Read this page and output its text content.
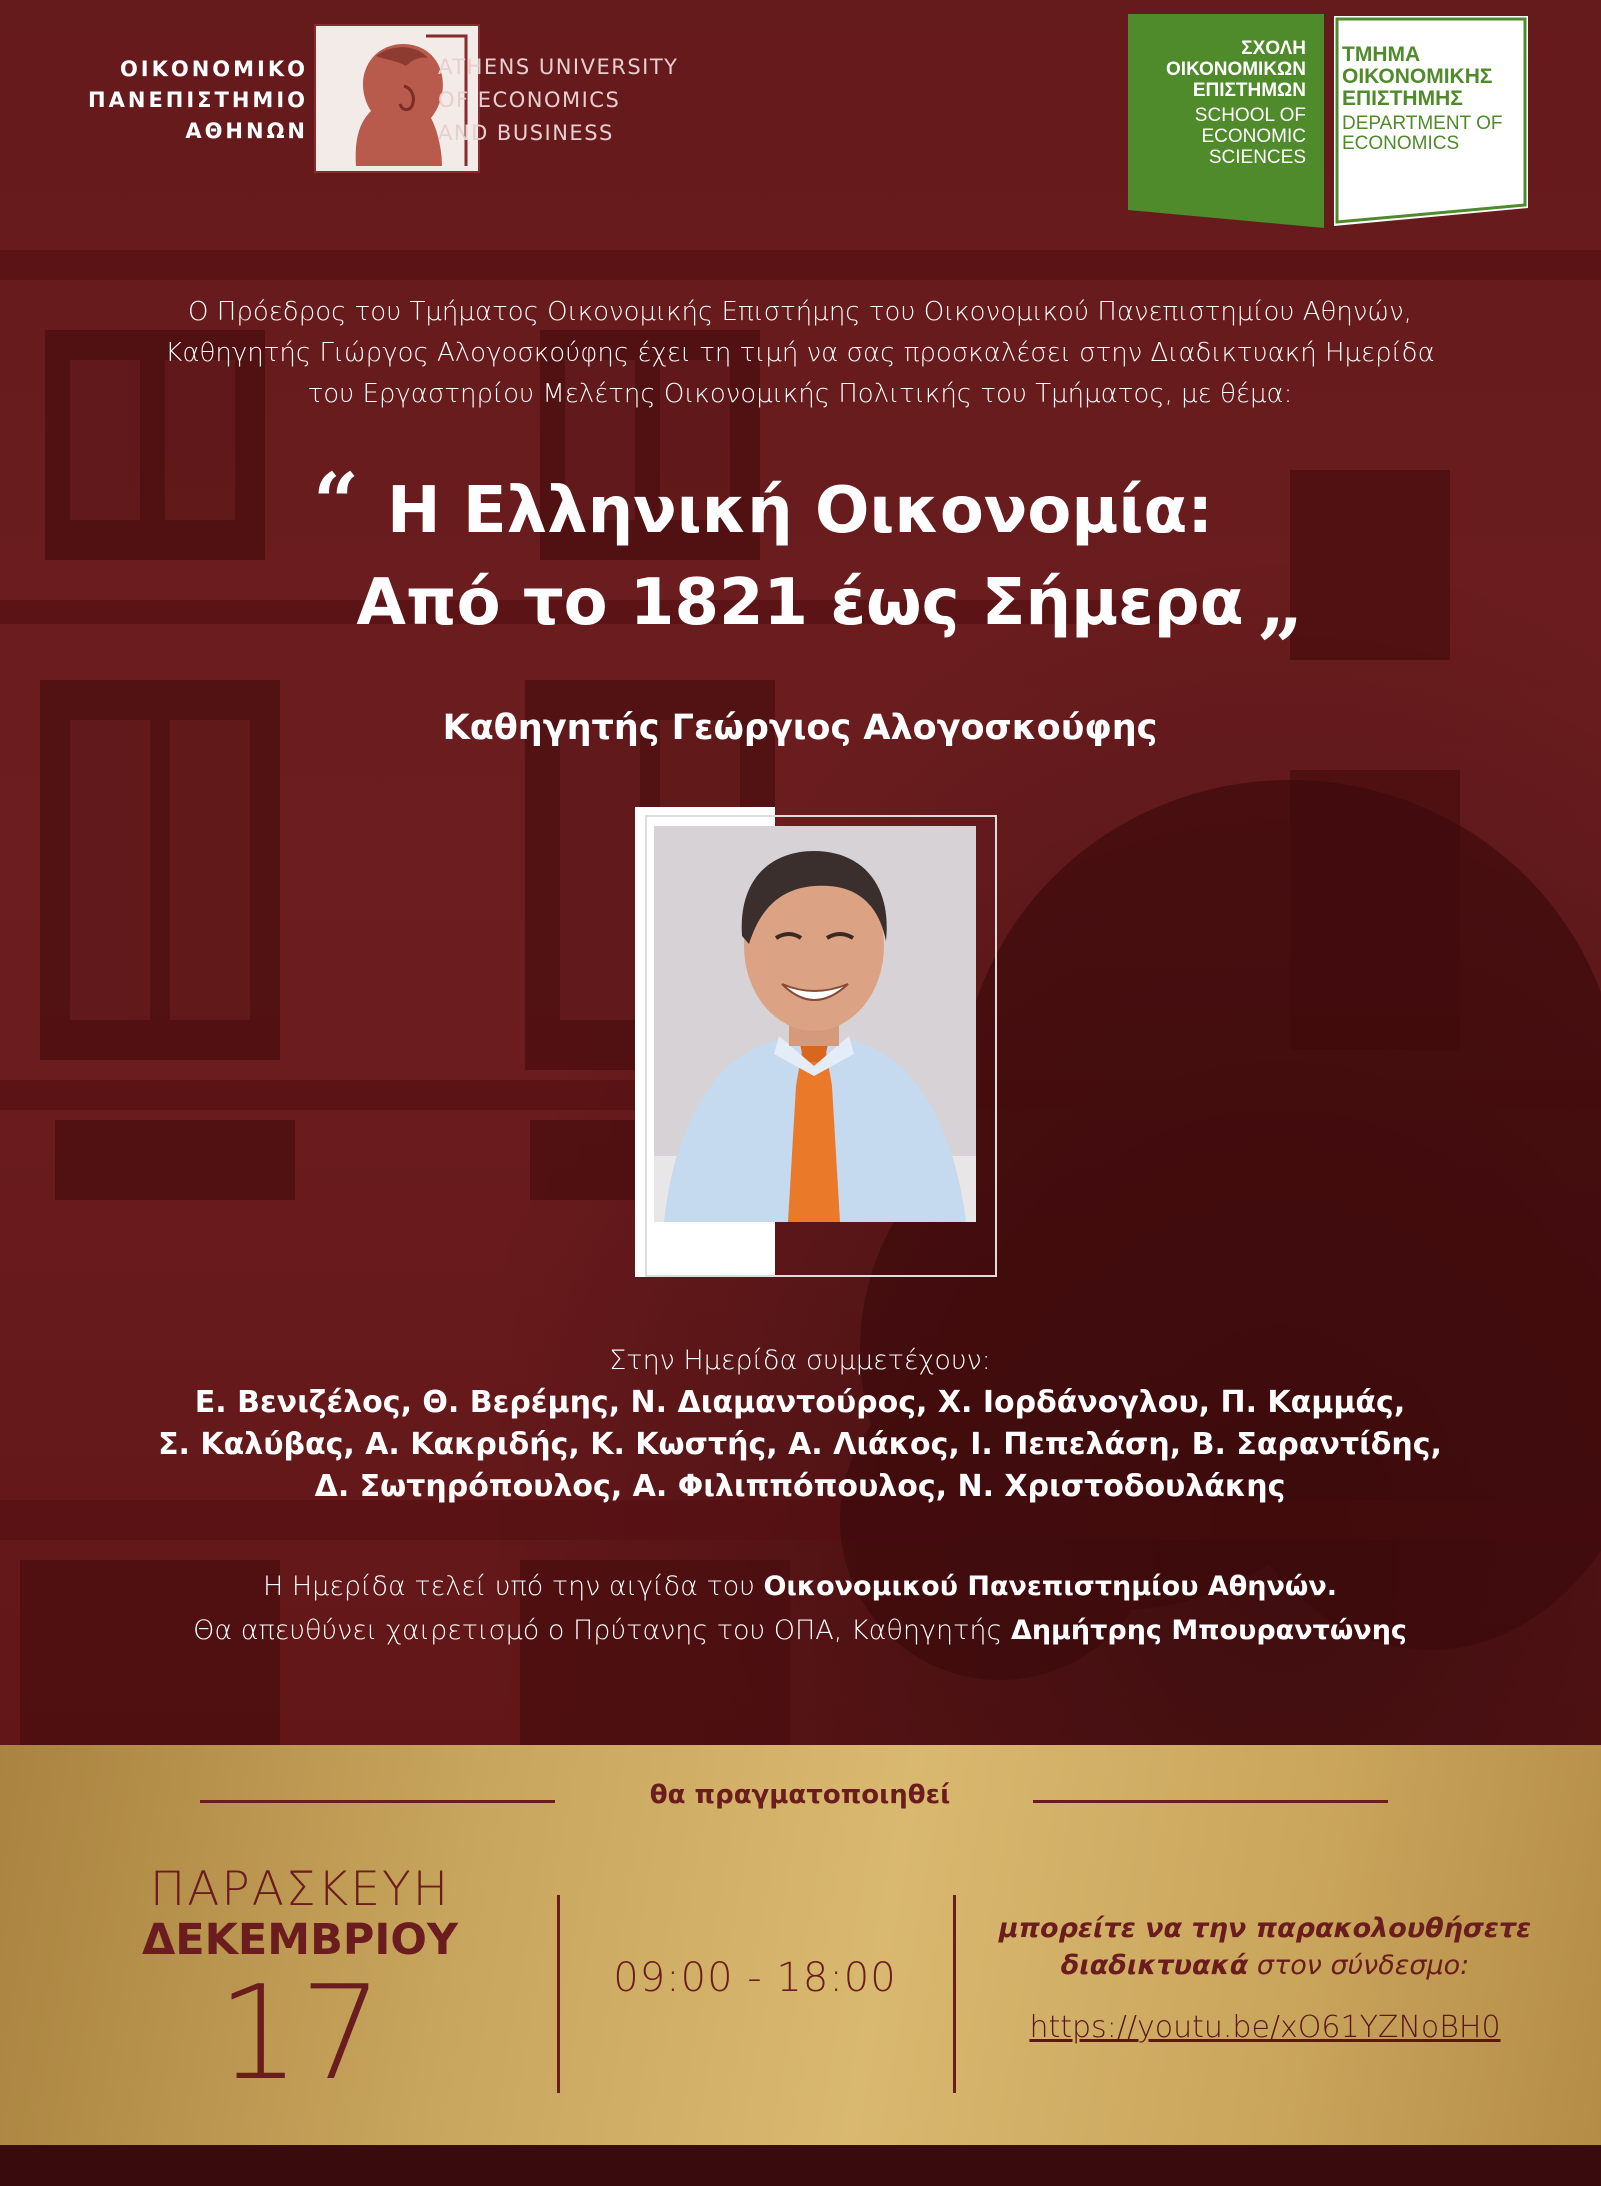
ΟΙΚΟΝΟΜΙΚΟ
ΠΑΝΕΠΙΣΤΗΜΙΟ
ΑΘΗΝΩΝ
ATHENS UNIVERSITY
OF ECONOMICS
AND BUSINESS
ΣΧΟΛΗ
ΟΙΚΟΝΟΜΙΚΩΝ
ΕΠΙΣΤΗΜΩΝ
SCHOOL OF
ECONOMIC
SCIENCES
ΤΜΗΜΑ
ΟΙΚΟΝΟΜΙΚΗΣ
ΕΠΙΣΤΗΜΗΣ
DEPARTMENT OF
ECONOMICS
Ο Πρόεδρος του Τμήματος Οικονομικής Επιστήμης του Οικονομικού Πανεπιστημίου Αθηνών,
Καθηγητής Γιώργος Αλογοσκούφης έχει τη τιμή να σας προσκαλέσει στην Διαδικτυακή Ημερίδα
του Εργαστηρίου Μελέτης Οικονομικής Πολιτικής του Τμήματος, με θέμα:
“ Η Ελληνική Οικονομία:
Από το 1821 έως Σήμερα „
Καθηγητής Γεώργιος Αλογοσκούφης
Στην Ημερίδα συμμετέχουν:
Ε. Βενιζέλος, Θ. Βερέμης, Ν. Διαμαντούρος, Χ. Ιορδάνογλου, Π. Καμμάς,
Σ. Καλύβας, Α. Κακριδής, Κ. Κωστής, Α. Λιάκος, Ι. Πεπελάση, Β. Σαραντίδης,
Δ. Σωτηρόπουλος, Α. Φιλιππόπουλος, Ν. Χριστοδουλάκης
Η Ημερίδα τελεί υπό την αιγίδα του Οικονομικού Πανεπιστημίου Αθηνών.
Θα απευθύνει χαιρετισμό ο Πρύτανης του ΟΠΑ, Καθηγητής Δημήτρης Μπουραντώνης
θα πραγματοποιηθεί
ΠΑΡΑΣΚΕΥΗ
ΔΕΚΕΜΒΡΙΟΥ
17	09:00 - 18:00
μπορείτε να την παρακολουθήσετε
διαδικτυακά στον σύνδεσμο:
https://youtu.be/xO61YZNoBH0
